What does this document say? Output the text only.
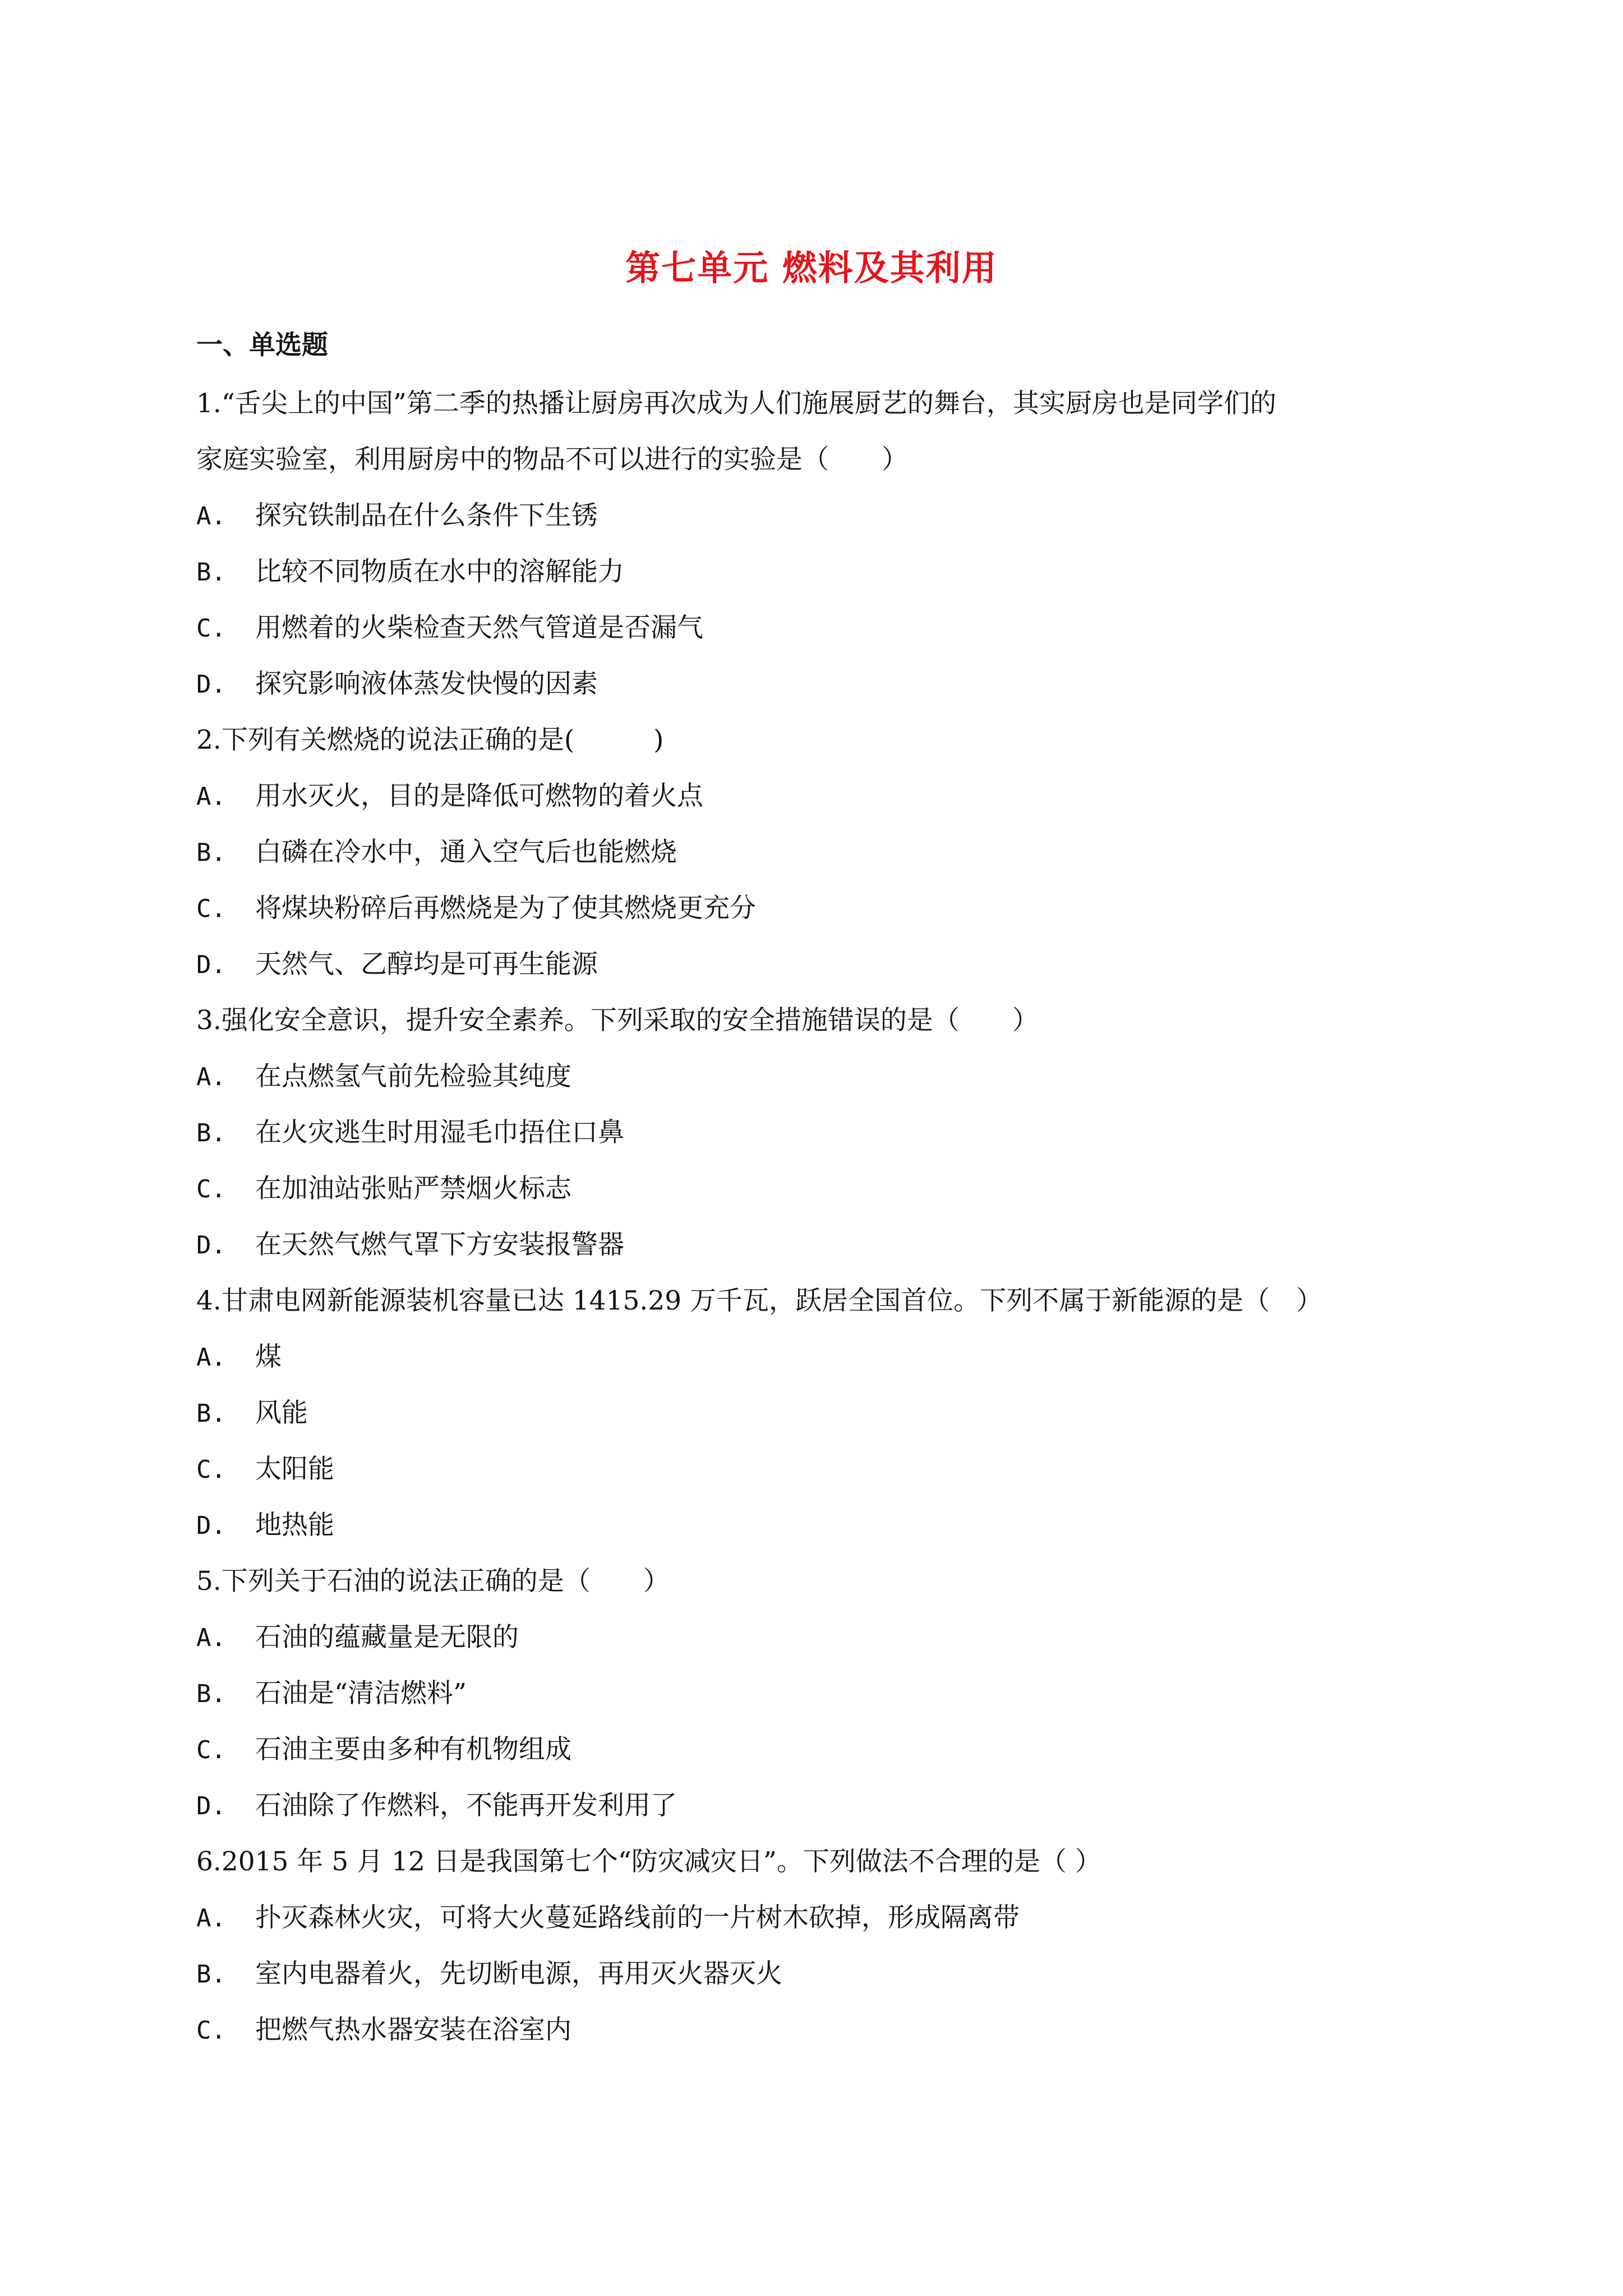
第七单元 燃料及其利用
一、单选题
1.“舌尖上的中国”第二季的热播让厨房再次成为人们施展厨艺的舞台，其实厨房也是同学们的
家庭实验室，利用厨房中的物品不可以进行的实验是（　　）
A. 探究铁制品在什么条件下生锈
B. 比较不同物质在水中的溶解能力
C. 用燃着的火柴检查天然气管道是否漏气
D. 探究影响液体蒸发快慢的因素
2.下列有关燃烧的说法正确的是(　　　)
A. 用水灭火，目的是降低可燃物的着火点
B. 白磷在冷水中，通入空气后也能燃烧
C. 将煤块粉碎后再燃烧是为了使其燃烧更充分
D. 天然气、乙醇均是可再生能源
3.强化安全意识，提升安全素养。下列采取的安全措施错误的是（　　）
A. 在点燃氢气前先检验其纯度
B. 在火灾逃生时用湿毛巾捂住口鼻
C. 在加油站张贴严禁烟火标志
D. 在天然气燃气罩下方安装报警器
4.甘肃电网新能源装机容量已达 1415.29 万千瓦，跃居全国首位。下列不属于新能源的是（　）
A. 煤
B. 风能
C. 太阳能
D. 地热能
5.下列关于石油的说法正确的是（　　）
A. 石油的蕴藏量是无限的
B. 石油是“清洁燃料”
C. 石油主要由多种有机物组成
D. 石油除了作燃料，不能再开发利用了
6.2015 年 5 月 12 日是我国第七个“防灾减灾日”。下列做法不合理的是（ ）
A. 扑灭森林火灾，可将大火蔓延路线前的一片树木砍掉，形成隔离带
B. 室内电器着火，先切断电源，再用灭火器灭火
C. 把燃气热水器安装在浴室内
